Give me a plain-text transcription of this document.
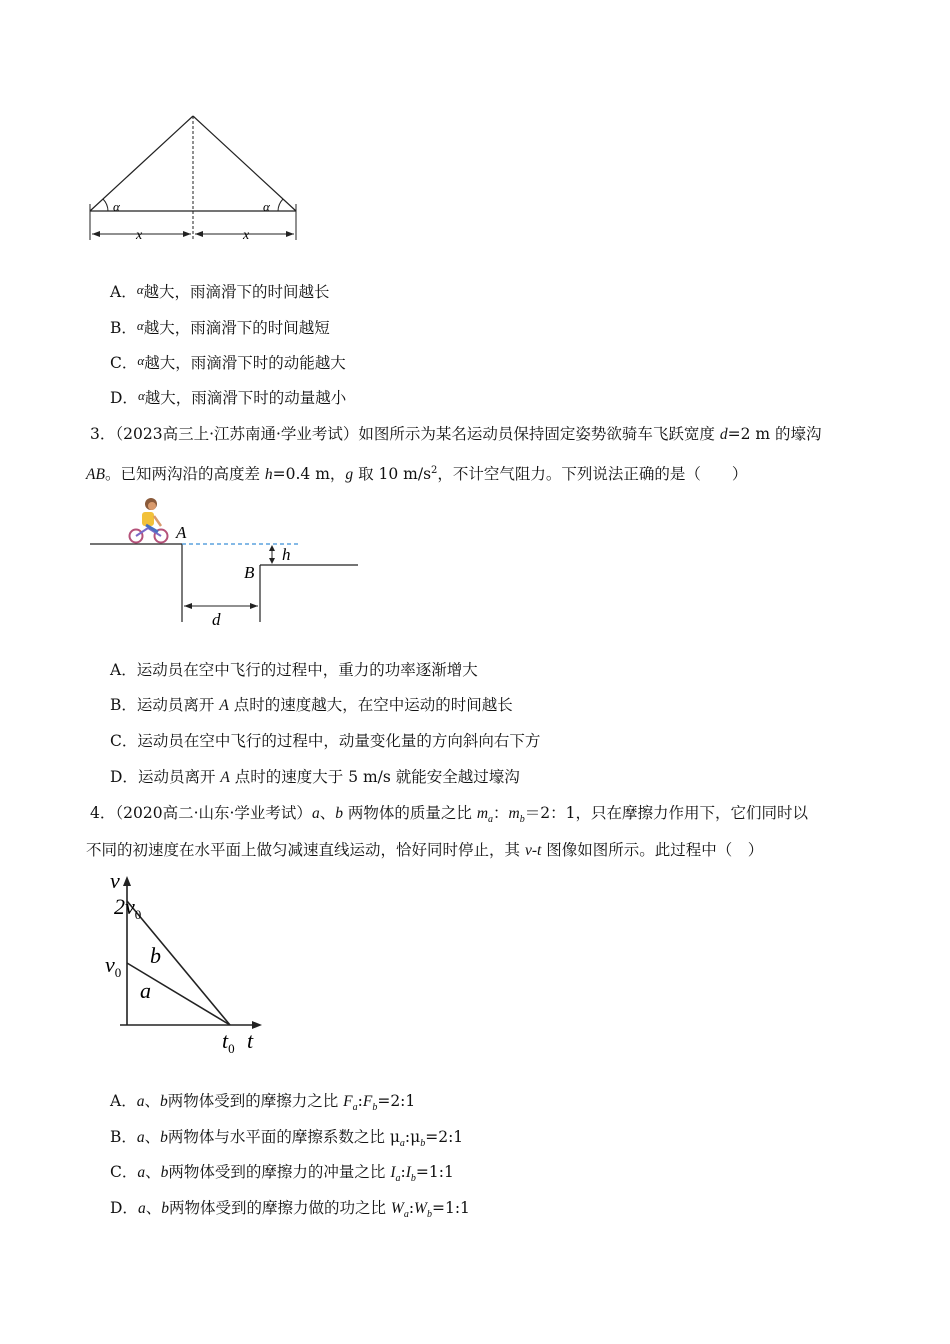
α	α
x	x
A．α越大，雨滴滑下的时间越长
B．α越大，雨滴滑下的时间越短
C．α越大，雨滴滑下时的动能越大
D．α越大，雨滴滑下时的动量越小
3．（2023高三上·江苏南通·学业考试）如图所示为某名运动员保持固定姿势欲骑车飞跃宽度 d=2 m 的壕沟
AB。已知两沟沿的高度差 h=0.4 m，g 取 10 $m/s^2$，不计空气阻力。下列说法正确的是（　　）
A
B
h
d
A．运动员在空中飞行的过程中，重力的功率逐渐增大
B．运动员离开 A 点时的速度越大，在空中运动的时间越长
C．运动员在空中飞行的过程中，动量变化量的方向斜向右下方
D．运动员离开 A 点时的速度大于 5 m/s 就能安全越过壕沟
4．（2020高二·山东·学业考试）a、b 两物体的质量之比 $m_a$：$m_b=2$：1，只在摩擦力作用下，它们同时以
不同的初速度在水平面上做匀减速直线运动，恰好同时停止，其 v-t 图像如图所示。此过程中（　）
v
t
$2v_0$
$v_0$
$t_0$
b
a
A．a、b两物体受到的摩擦力之比 $F_a:F_b=2:1$
B．a、b两物体与水平面的摩擦系数之比 $\mu_a:\mu_b=2:1$
C．a、b两物体受到的摩擦力的冲量之比 $I_a:I_b=1:1$
D．a、b两物体受到的摩擦力做的功之比 $W_a:W_b=1:1$
